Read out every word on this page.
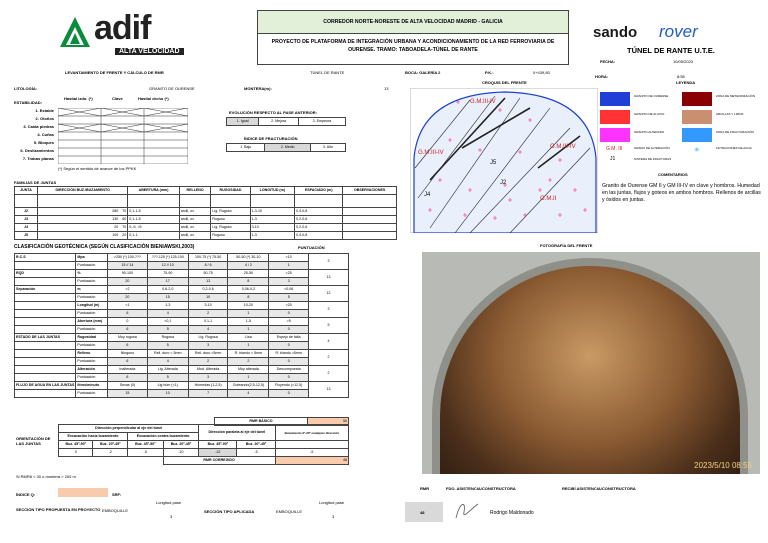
adif
ALTA VELOCIDAD
CORREDOR NORTE-NORESTE DE ALTA VELOCIDAD MADRID - GALICIA
PROYECTO DE PLATAFORMA DE INTEGRACIÓN URBANA Y ACONDICIONAMIENTO DE LA RED FERROVIARIA DE OURENSE. TRAMO: TABOADELA-TÚNEL DE RANTE
sando rover
TÚNEL DE RANTE U.T.E.
FECHA:	10/05/2023
LEVANTAMIENTO DE FRENTE Y CÁLCULO DE RMR	TÚNEL DE RANTE	BOCA: GALERÍA 2	P.K.:	0+439,80
HORA:	8:55
LITOLOGÍA:	GRANITO DE OURENSE	MONTERA(m):	13
ESTABILIDAD:
Hastial izdo. (*)	Clave	Hastial drcho (*)
1. Estable
2. Otoños
3. Caída piedras
4. Cuñas
5. Bloques
6. Deslizamientos
7. Trabas planas
(*) Según el sentido de avance de los PPKK
EVOLUCIÓN RESPECTO AL PASE ANTERIOR:
1. Igual	2. Mejora	3. Empeora
ÍNDICE DE FRACTURACIÓN
1. Bajo	2. Medio	3. Alto
FAMILIAS DE JUNTAS
JUNTA	DIRECCIÓN BUZ./BUZAMIENTO	ABERTURA (mm)	RELLENO	RUGOSIDAD	LONGITUD (m)	ESPACIADO (m)	OBSERVACIONES

J2	280 70	0,1-1-5	arcill, ox	Lig. Rugoso	1-3-10	0,4-0,8	
J3	130 60	0,1-1-5	arcill, ox	Rugoso	1-3	0,2-0,6	
J4	20 70	0,-5, >5	arcill, ox	Lig. Rugoso	3-10	0,2-0,6	
J5	100 20	0,1-1	arcill, ox	Rugoso	1-3	0,4-0,8	
CLASIFICACIÓN GEOTÉCNICA (SEGÚN CLASIFICACIÓN BIENIAWSKI,2003)	PUNTUACIÓN
R.C.S	Mpa	>250 (*) 100-???	???-125 (*) 125-100	100-75 (*) 75-50	50-50 (*) 30-10	<10	3
	Puntuación	15 // 14	12 // 10	8 / 6	4 / 2	1	
RQD	%	90-100	75-90	50-75	25-50	<25	13
	Puntuación	20	17	13	8	3	
Separación	m	>2	0,6-2,0	0,2-0,6	0,06-0,2	<0,06	12
	Puntuación	20	15	10	8	5	
	Longitud (m)	<1	1-3	3-10	10-20	>20	3
	Puntuación	6	4	2	1	0	
	Abertura (mm)	0	<0,1	0,1-1	1-5	>5	5
	Puntuación	6	5	4	1	0	
ESTADO DE LAS JUNTAS	Rugosidad	Muy rugosa	Rugosa	Lig. Rugosa	Lisa	Espejo de falla	4
	Puntuación	6	5	3	1	0	
	Relleno	Ninguno	Rell. duro < 5mm	Rell. duro >5mm	R. blando < 5mm	R. blando >5mm	2
	Puntuación	6	4	2	2	0	
	Alteración	Inalterada	Lig. Alterada	Mod. Alterada	Muy alterada	Descompuesta	2
	Puntuación	6	5	3	1	0	
FLUJO DE AGUA EN LAS JUNTAS	litros/minuto	Secas (0)	Lig húm (<1)	Húmedas (1-2,5)	Goteando(2,5-12,5)	Fluyendo (>12,5)	13
	Puntuación	15	10	7	4	0	
RMR BÁSICO	50
ORIENTACIÓN DE LAS JUNTAS
Dirección perpendicular al eje del túnel				Dirección paralela al eje del túnel		Buzamiento 0º-20º cualquier dirección
Excavación hacia buzamiento		Excavación contra buzamiento				
Buz. 45º-90º	Buz. 20º-45º	Buz. 45º-90º	Buz. 20º-45º	Buz. 45º-90º	Buz. 20º-45º	
0	-2	-5	-10	-12	-5	-5
			RMR CORREGIDO			48
Si RMR6 < 30 o montera > 200 m
ÍNDICE Q:	SRF:
SECCIÓN TIPO PROPUESTA EN PROYECTO EMBOQUILLE
Longitud pase
3
SECCIÓN TIPO APLICADA	EMBOQUILLE
Longitud pase
3
CROQUIS DEL FRENTE
G.M.III-IV
G.M.III-IV
G.M.III-IV
G.M.II
J5
J2
J4
LEYENDA
GRANITO DE OURENSE	ZONA DE METEORIZACIÓN
GRANITO DE ALUVIO	ARCILLAS Y LIMOS
GRANITO ALTERADO	ZONA DE FRACTURACIÓN
G.M. III	GRADO DE ALTERACIÓN	✳	FILTRACIONES DE AGUA
J1	SISTEMA DE FRACTURAS
COMENTARIOS
Granito de Ourense GM II y GM III-IV en clave y hombros. Humedad en las juntas, flujos y goteos en ambos hombros. Rellenos de arcillas y óxidos en juntas.
FOTOGRAFÍA DEL FRENTE
2023/5/10 08:55
RMR
48
FDO. ASISTENCIA/CONSTRUCTORA
Rodrigo Maldonado
RECIBÍ ASISTENCIA/CONSTRUCTORA
